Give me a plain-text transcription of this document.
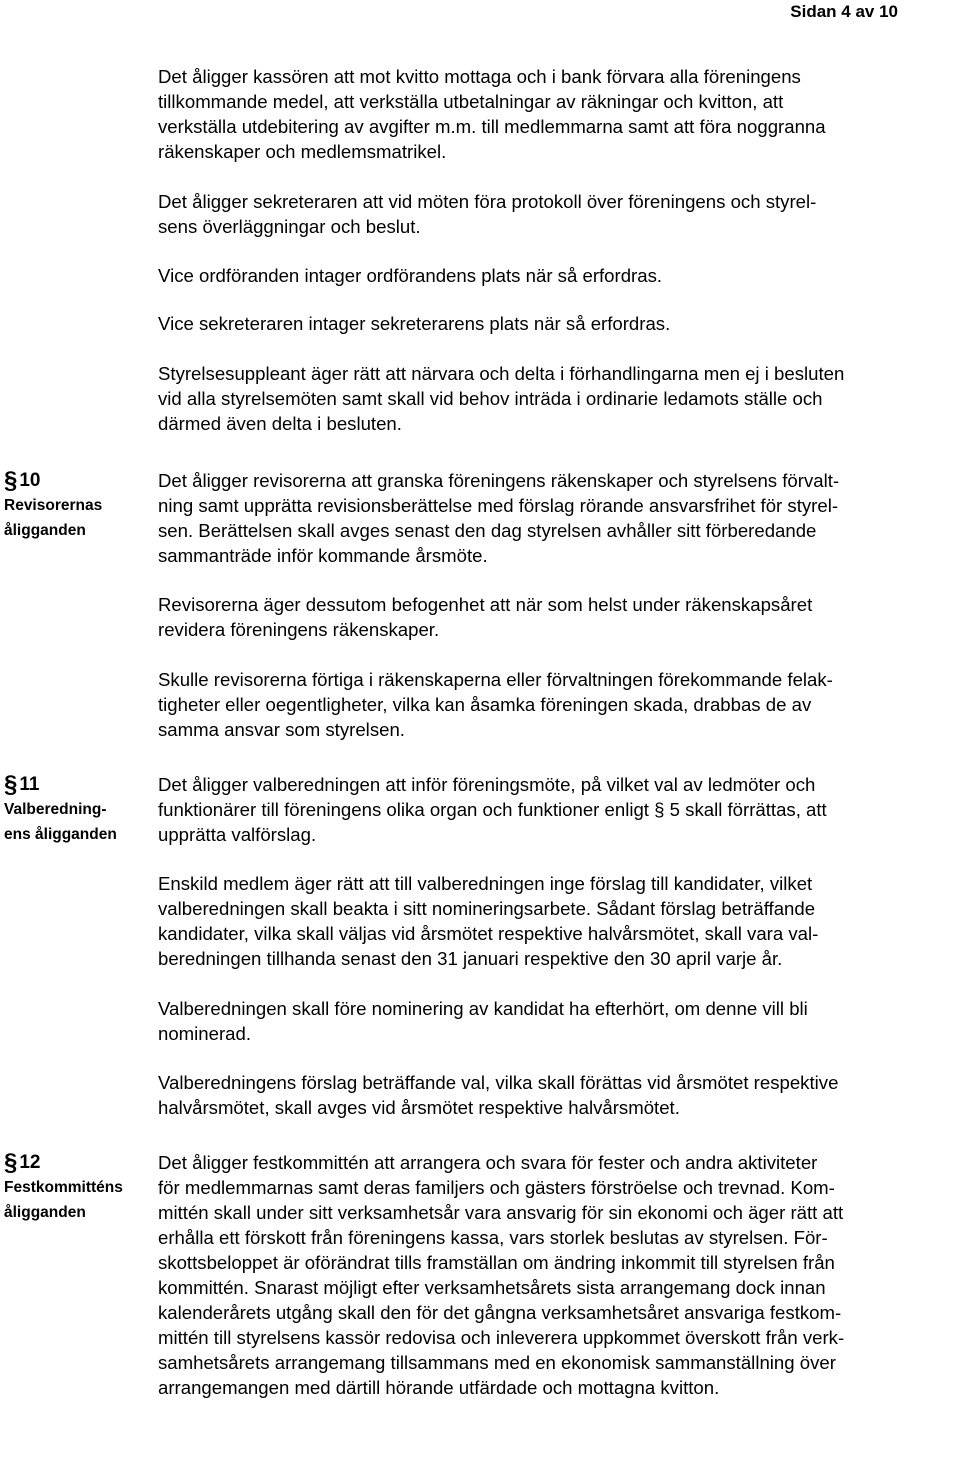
Sidan 4 av 10

Det åligger kassören att mot kvitto mottaga och i bank förvara alla föreningens
tillkommande medel, att verkställa utbetalningar av räkningar och kvitton, att
verkställa utdebitering av avgifter m.m. till medlemmarna samt att föra noggranna
räkenskaper och medlemsmatrikel.

Det åligger sekreteraren att vid möten föra protokoll över föreningens och styrel-
sens överläggningar och beslut.

Vice ordföranden intager ordförandens plats när så erfordras.

Vice sekreteraren intager sekreterarens plats när så erfordras.

Styrelsesuppleant äger rätt att närvara och delta i förhandlingarna men ej i besluten
vid alla styrelsemöten samt skall vid behov inträda i ordinarie ledamots ställe och
därmed även delta i besluten.

§ 10
Revisorernas
åligganden

Det åligger revisorerna att granska föreningens räkenskaper och styrelsens förvalt-
ning samt upprätta revisionsberättelse med förslag rörande ansvarsfrihet för styrel-
sen. Berättelsen skall avges senast den dag styrelsen avhåller sitt förberedande
sammanträde inför kommande årsmöte.

Revisorerna äger dessutom befogenhet att när som helst under räkenskapsåret
revidera föreningens räkenskaper.

Skulle revisorerna förtiga i räkenskaperna eller förvaltningen förekommande felak-
tigheter eller oegentligheter, vilka kan åsamka föreningen skada, drabbas de av
samma ansvar som styrelsen.

§ 11
Valberedning-
ens åligganden

Det åligger valberedningen att inför föreningsmöte, på vilket val av ledmöter och
funktionärer till föreningens olika organ och funktioner enligt § 5 skall förrättas, att
upprätta valförslag.

Enskild medlem äger rätt att till valberedningen inge förslag till kandidater, vilket
valberedningen skall beakta i sitt nomineringsarbete. Sådant förslag beträffande
kandidater, vilka skall väljas vid årsmötet respektive halvårsmötet, skall vara val-
beredningen tillhanda senast den 31 januari respektive den 30 april varje år.

Valberedningen skall före nominering av kandidat ha efterhört, om denne vill bli
nominerad.

Valberedningens förslag beträffande val, vilka skall förättas vid årsmötet respektive
halvårsmötet, skall avges vid årsmötet respektive halvårsmötet.

§ 12
Festkommitténs
åligganden

Det åligger festkommittén att arrangera och svara för fester och andra aktiviteter
för medlemmarnas samt deras familjers och gästers förströelse och trevnad. Kom-
mittén skall under sitt verksamhetsår vara ansvarig för sin ekonomi och äger rätt att
erhålla ett förskott från föreningens kassa, vars storlek beslutas av styrelsen. För-
skottsbeloppet är oförändrat tills framställan om ändring inkommit till styrelsen från
kommittén. Snarast möjligt efter verksamhetsårets sista arrangemang dock innan
kalenderårets utgång skall den för det gångna verksamhetsåret ansvariga festkom-
mittén till styrelsens kassör redovisa och inleverera uppkommet överskott från verk-
samhetsårets arrangemang tillsammans med en ekonomisk sammanställning över
arrangemangen med därtill hörande utfärdade och mottagna kvitton.
